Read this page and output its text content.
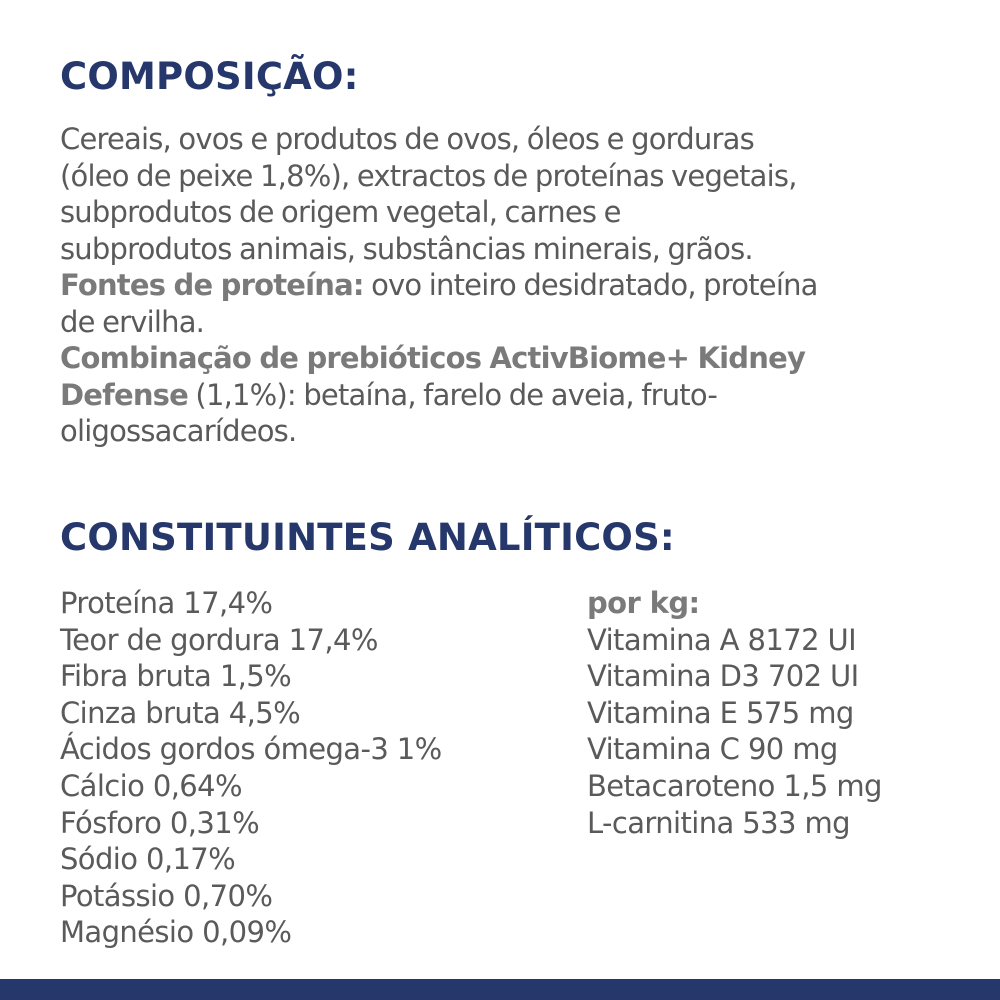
COMPOSIÇÃO:

Cereais, ovos e produtos de ovos, óleos e gorduras
(óleo de peixe 1,8%), extractos de proteínas vegetais,
subprodutos de origem vegetal, carnes e
subprodutos animais, substâncias minerais, grãos.
Fontes de proteína: ovo inteiro desidratado, proteína
de ervilha.
Combinação de prebióticos ActivBiome+ Kidney
Defense (1,1%): betaína, farelo de aveia, fruto-
oligossacarídeos.

CONSTITUINTES ANALÍTICOS:
Proteína 17,4%
Teor de gordura 17,4%
Fibra bruta 1,5%
Cinza bruta 4,5%
Ácidos gordos ómega-3 1%
Cálcio 0,64%
Fósforo 0,31%
Sódio 0,17%
Potássio 0,70%
Magnésio 0,09%
por kg:
Vitamina A 8172 UI
Vitamina D3 702 UI
Vitamina E 575 mg
Vitamina C 90 mg
Betacaroteno 1,5 mg
L-carnitina 533 mg
